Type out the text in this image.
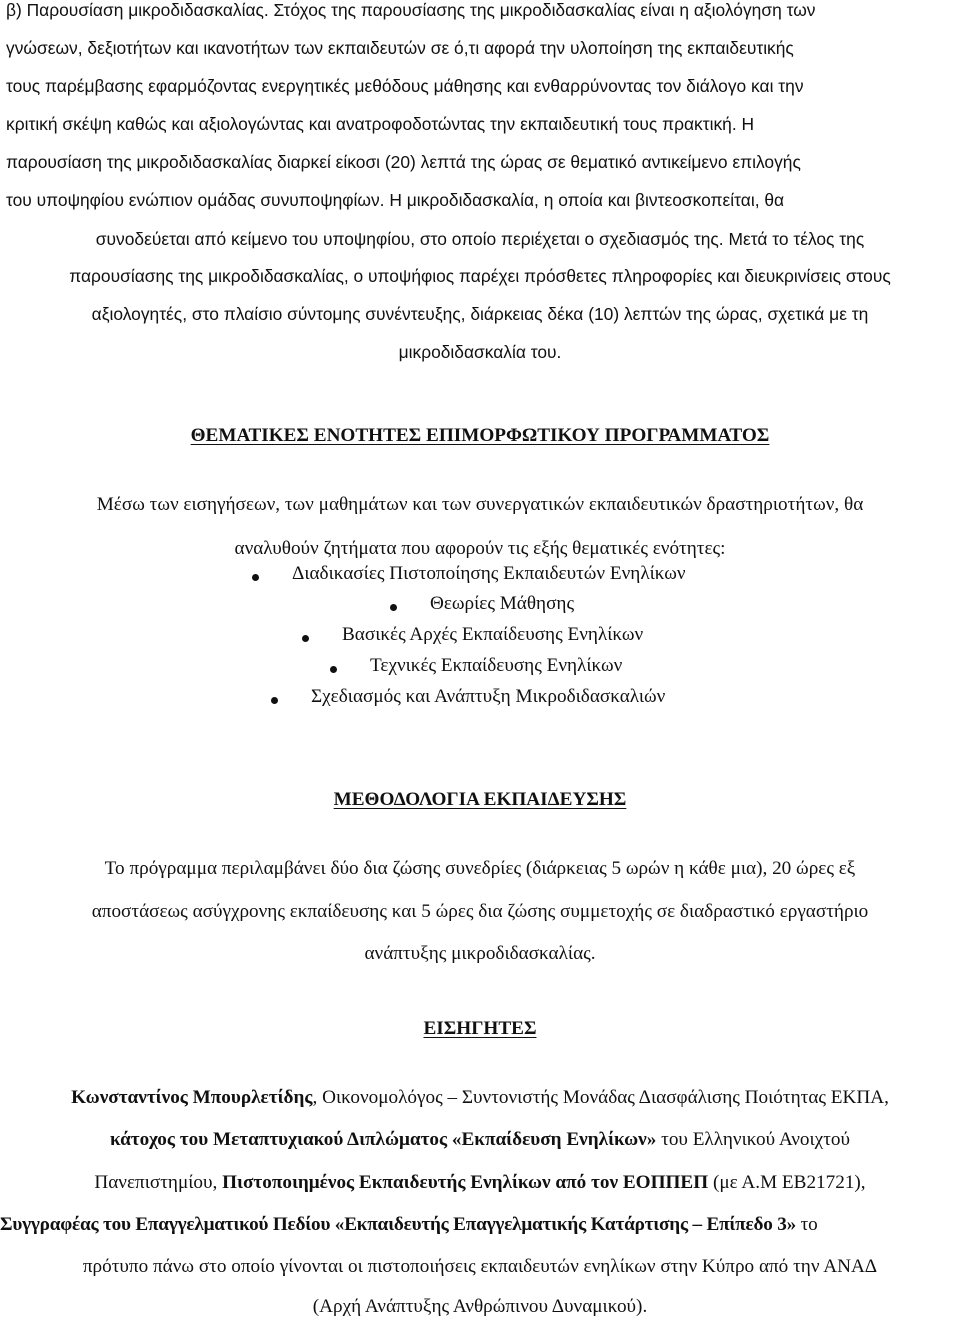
β) Παρουσίαση μικροδιδασκαλίας. Στόχος της παρουσίασης της μικροδιδασκαλίας είναι η αξιολόγηση των
γνώσεων, δεξιοτήτων και ικανοτήτων των εκπαιδευτών σε ό,τι αφορά την υλοποίηση της εκπαιδευτικής
τους παρέμβασης εφαρμόζοντας ενεργητικές μεθόδους μάθησης και ενθαρρύνοντας τον διάλογο και την
κριτική σκέψη καθώς και αξιολογώντας και ανατροφοδοτώντας την εκπαιδευτική τους πρακτική. Η
παρουσίαση της μικροδιδασκαλίας διαρκεί είκοσι (20) λεπτά της ώρας σε θεματικό αντικείμενο επιλογής
του υποψηφίου ενώπιον ομάδας συνυποψηφίων. Η μικροδιδασκαλία, η οποία και βιντεοσκοπείται, θα
συνοδεύεται από κείμενο του υποψηφίου, στο οποίο περιέχεται ο σχεδιασμός της. Μετά το τέλος της
παρουσίασης της μικροδιδασκαλίας, ο υποψήφιος παρέχει πρόσθετες πληροφορίες και διευκρινίσεις στους
αξιολογητές, στο πλαίσιο σύντομης συνέντευξης, διάρκειας δέκα (10) λεπτών της ώρας, σχετικά με τη
μικροδιδασκαλία του.
ΘΕΜΑΤΙΚΕΣ ΕΝΟΤΗΤΕΣ ΕΠΙΜΟΡΦΩΤΙΚΟΥ ΠΡΟΓΡΑΜΜΑΤΟΣ
Μέσω των εισηγήσεων, των μαθημάτων και των συνεργατικών εκπαιδευτικών δραστηριοτήτων, θα
αναλυθούν ζητήματα που αφορούν τις εξής θεματικές ενότητες:
Διαδικασίες Πιστοποίησης Εκπαιδευτών Ενηλίκων
Θεωρίες Μάθησης
Βασικές Αρχές Εκπαίδευσης Ενηλίκων
Τεχνικές Εκπαίδευσης Ενηλίκων
Σχεδιασμός και Ανάπτυξη Μικροδιδασκαλιών
ΜΕΘΟΔΟΛΟΓΙΑ ΕΚΠΑΙΔΕΥΣΗΣ
Το πρόγραμμα περιλαμβάνει δύο δια ζώσης συνεδρίες (διάρκειας 5 ωρών η κάθε μια), 20 ώρες εξ
αποστάσεως ασύγχρονης εκπαίδευσης και 5 ώρες δια ζώσης συμμετοχής σε διαδραστικό εργαστήριο
ανάπτυξης μικροδιδασκαλίας.
ΕΙΣΗΓΗΤΕΣ
Κωνσταντίνος Μπουρλετίδης, Οικονομολόγος – Συντονιστής Μονάδας Διασφάλισης Ποιότητας ΕΚΠΑ,
κάτοχος του Μεταπτυχιακού Διπλώματος «Εκπαίδευση Ενηλίκων» του Ελληνικού Ανοιχτού
Πανεπιστημίου, Πιστοποιημένος Εκπαιδευτής Ενηλίκων από τον ΕΟΠΠΕΠ (με Α.Μ ΕΒ21721),
Συγγραφέας του Επαγγελματικού Πεδίου «Εκπαιδευτής Επαγγελματικής Κατάρτισης – Επίπεδο 3» το
πρότυπο πάνω στο οποίο γίνονται οι πιστοποιήσεις εκπαιδευτών ενηλίκων στην Κύπρο από την ΑΝΑΔ
(Αρχή Ανάπτυξης Ανθρώπινου Δυναμικού).
